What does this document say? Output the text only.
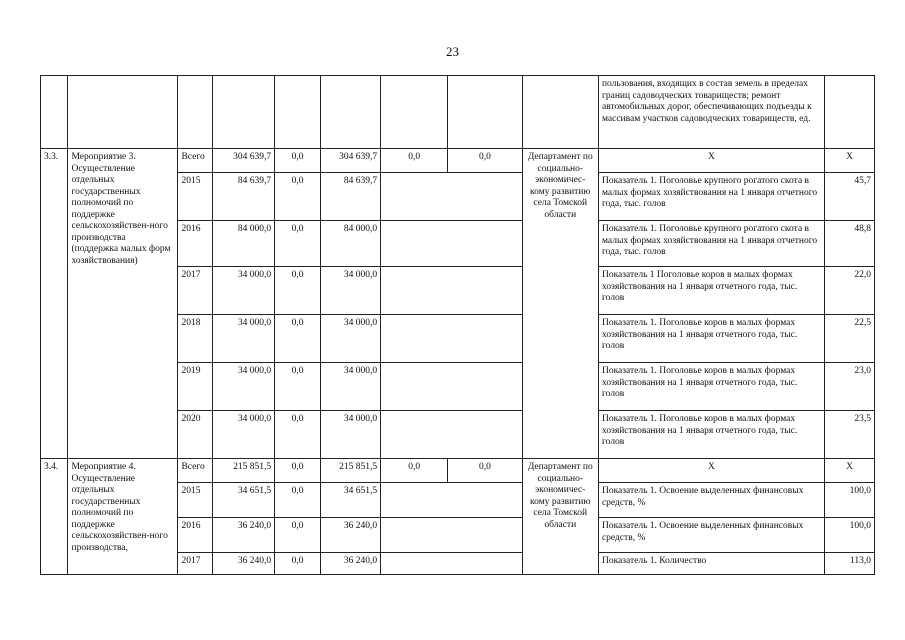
23
									пользования, входящих в состав земель в пределах границ садоводческих товариществ; ремонт автомобильных дорог, обеспечивающих подъезды к массивам участков садоводческих товариществ, ед.	
3.3.	Мероприятие 3. Осуществление отдельных государственных полномочий по поддержке сельскохозяйствен-ного производства (поддержка малых форм хозяйствования)	Всего	304 639,7	0,0	304 639,7	0,0	0,0	Департамент по социально-экономичес-кому развитию села Томской области	Х	Х
		2015	84 639,7	0,0	84 639,7				Показатель 1. Поголовье крупного рогатого скота в малых формах хозяйствования на 1 января отчетного года, тыс. голов	45,7
		2016	84 000,0	0,0	84 000,0				Показатель 1. Поголовье крупного рогатого скота в малых формах хозяйствования на 1 января отчетного года, тыс. голов	48,8
		2017	34 000,0	0,0	34 000,0				Показатель 1 Поголовье коров в малых формах хозяйствования на 1 января отчетного года, тыс. голов	22,0
		2018	34 000,0	0,0	34 000,0				Показатель 1. Поголовье коров в малых формах хозяйствования на 1 января отчетного года, тыс. голов	22,5
		2019	34 000,0	0,0	34 000,0				Показатель 1. Поголовье коров в малых формах хозяйствования на 1 января отчетного года, тыс. голов	23,0
		2020	34 000,0	0,0	34 000,0				Показатель 1. Поголовье коров в малых формах хозяйствования на 1 января отчетного года, тыс. голов	23,5
3.4.	Мероприятие 4. Осуществление отдельных государственных полномочий по поддержке сельскохозяйствен-ного производства,	Всего	215 851,5	0,0	215 851,5	0,0	0,0	Департамент по социально-экономичес-кому развитию села Томской области	Х	Х
		2015	34 651,5	0,0	34 651,5				Показатель 1. Освоение выделенных финансовых средств, %	100,0
		2016	36 240,0	0,0	36 240,0				Показатель 1. Освоение выделенных финансовых средств, %	100,0
		2017	36 240,0	0,0	36 240,0				Показатель 1. Количество	113,0
